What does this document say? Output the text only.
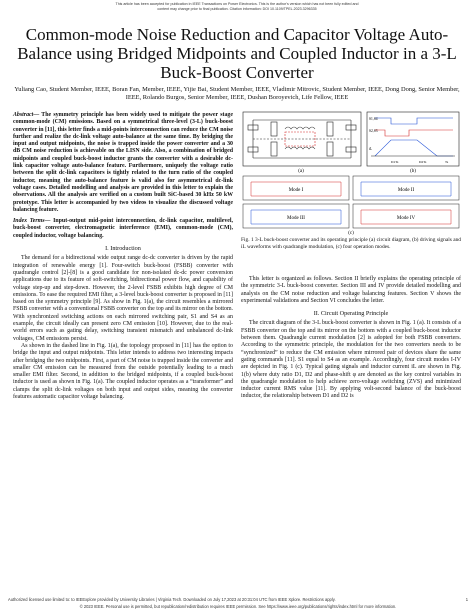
This article has been accepted for publication in IEEE Transactions on Power Electronics. This is the author's version which has not been fully edited and
content may change prior to final publication. Citation information: DOI 10.1109/TPEL.2023.3296335
Common-mode Noise Reduction and Capacitor Voltage Auto-Balance using Bridged Midpoints and Coupled Inductor in a 3-L Buck-Boost Converter
Yuliang Cao, Student Member, IEEE, Boran Fan, Member, IEEE, Yijie Bai, Student Member, IEEE, Vladimir Mitrovic, Student Member, IEEE, Dong Dong, Senior Member, IEEE, Rolando Burgos, Senior Member, IEEE, Dushan Boroyevich, Life Fellow, IEEE
Abstract— The symmetry principle has been widely used to mitigate the power stage common-mode (CM) emissions. Based on a symmetrical three-level (3-L) buck-boost converter in [11], this letter finds a mid-points interconnection can reduce the CM noise further and realize the dc-link voltage auto-balance at the same time. By bridging the input and output midpoints, the noise is trapped inside the power converter and a 30 dB CM noise reduction is achievable on the LISN side. Also, a combination of bridged midpoints and coupled buck-boost inductor grants the converter with a desirable dc-link capacitor voltage auto-balance feature. Furthermore, uniquely the voltage ratio between the split dc-link capacitors is tightly related to the turn ratio of the coupled inductor, meaning the auto-balance feature is valid also for asymmetrical dc-link voltage cases. Detailed modelling and analysis are provided in this letter to explain the observations. All the analysis are verified on a custom built SiC-based 30 kHz 50 kW prototype. This letter is accompanied by two videos to visualize the discussed voltage balancing feature.
Index Terms— Input-output mid-point interconnection, dc-link capacitor, multilevel, buck-boost converter, electromagnetic interference (EMI), common-mode (CM), coupled inductor, voltage balancing.
I. Introduction

The demand for a bidirectional wide output range dc-dc converter is driven by the rapid integration of renewable energy [1]. Four-switch buck-boost (FSBB) converter with quadrangle control [2]-[8] is a good candidate for non-isolated dc-dc power conversion applications due to its feature of soft-switching, bidirectional power flow, and capability of voltage step-up and step-down. However, the 2-level FSBB exhibits high degree of CM emissions. To ease the required EMI filter, a 3-level buck-boost converter is proposed in [11] based on the symmetry principle [9]. As show in Fig. 1(a), the circuit resembles a mirrored FSBB converter with a conventional FSBB converter on the top and its mirror on the bottom. With synchronized switching actions on each mirrored switching pair, S1 and S4 as an example, the circuit ideally can present zero CM emission [10]. However, due to the real-world errors such as gating delay, switching transient mismatch and unbalanced dc-link voltages, CM emissions persist.

As shown in the dashed line in Fig. 1(a), the topology proposed in [11] has the option to bridge the input and output midpoints. This letter intends to address two interesting impacts after bridging the two midpoints. First, a part of CM noise is trapped inside the converter and smaller CM emission can be measured from the outside potentially leading to a much smaller EMI filter. Second, in addition to the bridged midpoints, if a coupled buck-boost inductor is used as shown in Fig. 1(a). The coupled inductor operates as a “transformer” and clamps the split dc-link voltages on both input and output sides, meaning the converter features automatic capacitor voltage balancing.

(a)
S1,S4
S2,S3
iL
D1Ts	D2Ts	Ts
(b)
Mode I	Mode II
Mode III	Mode IV
(c)
Fig. 1 3-L buck-boost converter and its operating principle (a) circuit diagram, (b) driving signals and iL waveforms with quadrangle modulation, (c) four operation modes.

This letter is organized as follows. Section II briefly explains the operating principle of the symmetric 3-L buck-boost converter. Section III and IV provide detailed modelling and analysis on the CM noise reduction and voltage balancing features. Section V shows the experimental validations and Section VI concludes the letter.

II. Circuit Operating Principle

The circuit diagram of the 3-L buck-boost converter is shown in Fig. 1 (a). It consists of a FSBB converter on the top and its mirror on the bottom with a coupled buck-boost inductor between them. Quadrangle current modulation [2] is adopted for both FSBB converters. According to the symmetric principle, the modulation for the two converters needs to be “synchronized” to reduce the CM emission where mirrored pair of devices share the same gating commands [11]. S1 equal to S4 as an example. Accordingly, four circuit modes I-IV are depicted in Fig. 1 (c). Typical gating signals and inductor current iL are shown in Fig. 1(b) where duty ratio D1, D2 and phase-shift φ are denoted as the key control variables in the quadrangle modulation to help achieve zero-voltage switching (ZVS) and minimized inductor current RMS value [11]. By applying volt-second balance of the buck-boost inductor, the relationship between D1 and D2 is

Authorized licensed use limited to: to IEEExplore provided by University Libraries | Virginia Tech. Downloaded on July 17,2023 at 20:31:04 UTC from IEEE Xplore. Restrictions apply.	1
© 2023 IEEE. Personal use is permitted, but republication/redistribution requires IEEE permission. See https://www.ieee.org/publications/rights/index.html for more information.
